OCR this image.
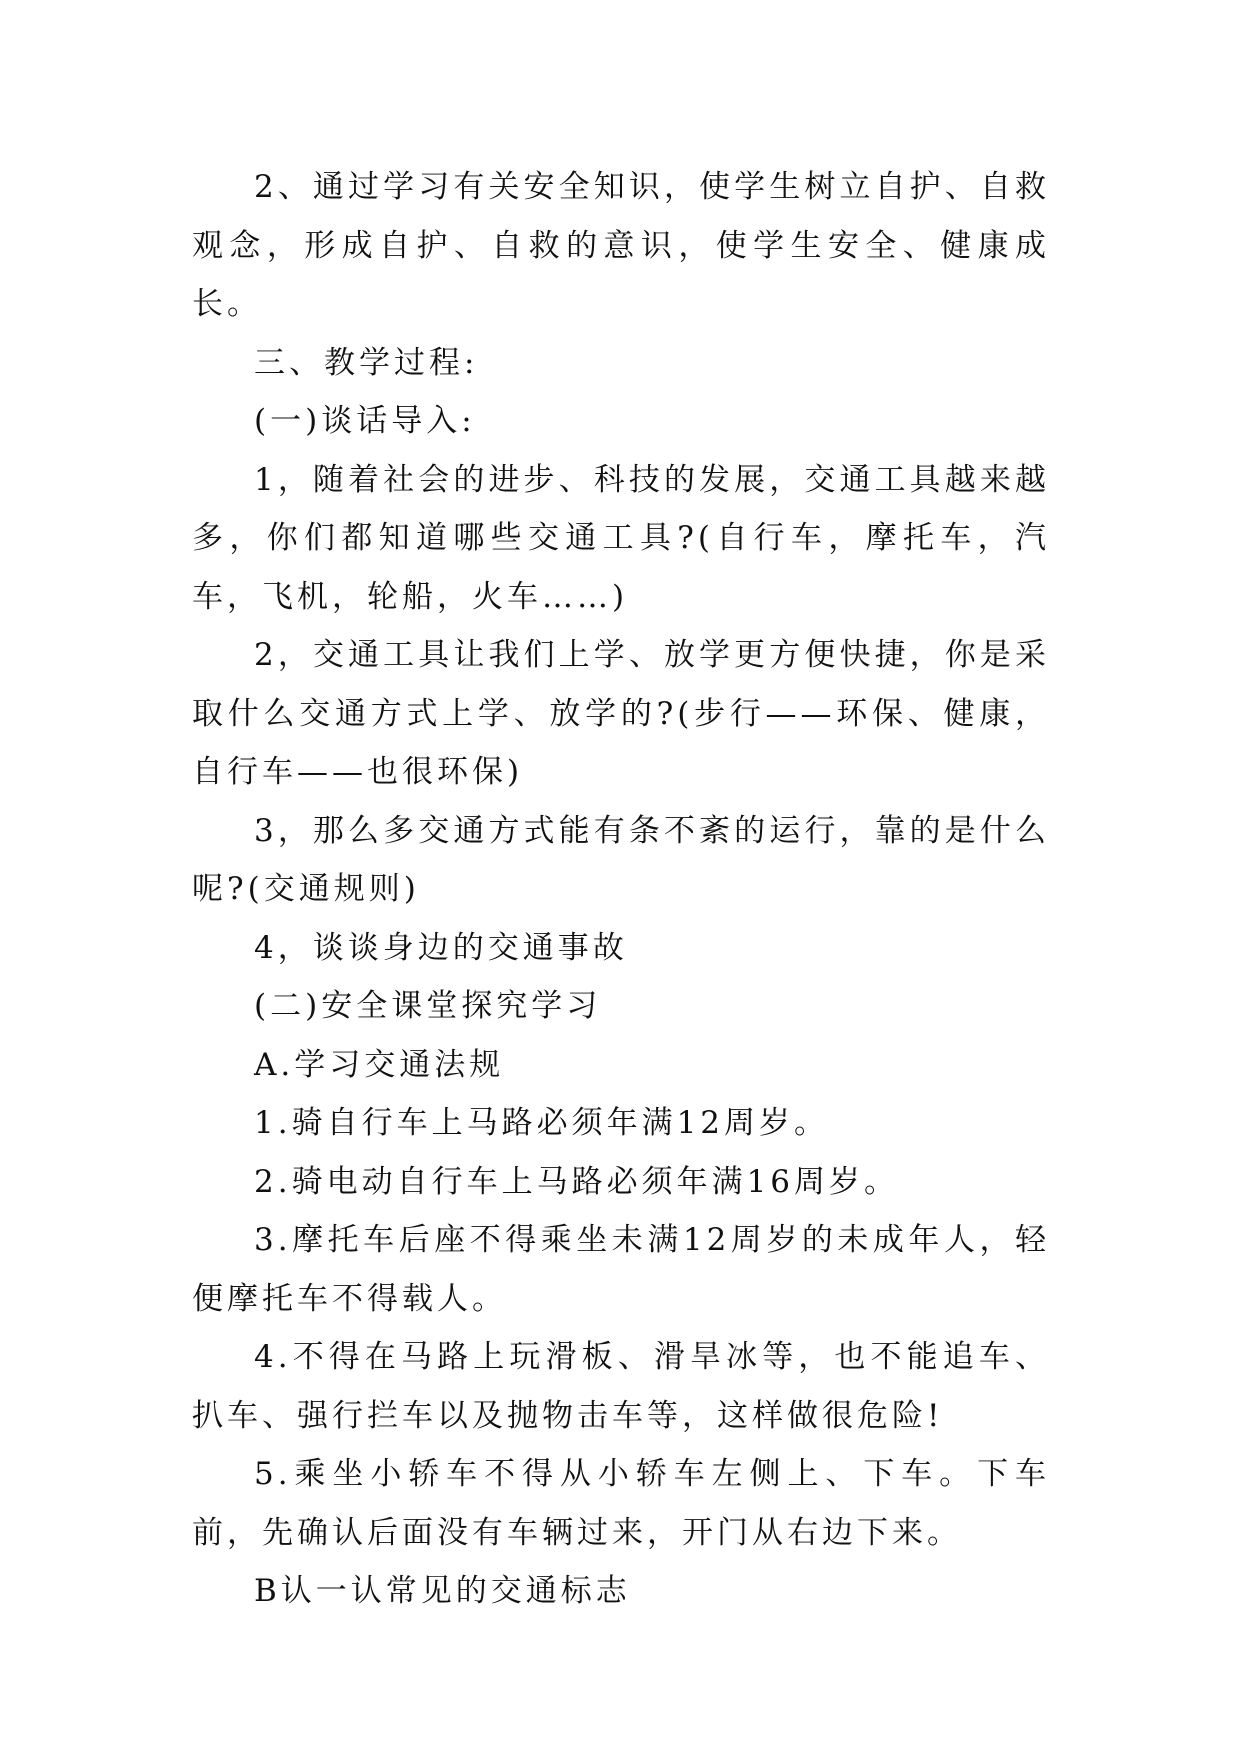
2、通过学习有关安全知识，使学生树立自护、自救观念，形成自护、自救的意识，使学生安全、健康成长。

三、教学过程:

(一)谈话导入:

1，随着社会的进步、科技的发展，交通工具越来越多，你们都知道哪些交通工具?(自行车，摩托车，汽车，飞机，轮船，火车……)

2，交通工具让我们上学、放学更方便快捷，你是采取什么交通方式上学、放学的?(步行——环保、健康，自行车——也很环保)

3，那么多交通方式能有条不紊的运行，靠的是什么呢?(交通规则)

4，谈谈身边的交通事故

(二)安全课堂探究学习

A.学习交通法规

1.骑自行车上马路必须年满12周岁。

2.骑电动自行车上马路必须年满16周岁。

3.摩托车后座不得乘坐未满12周岁的未成年人，轻便摩托车不得载人。

4.不得在马路上玩滑板、滑旱冰等，也不能追车、扒车、强行拦车以及抛物击车等，这样做很危险!

5.乘坐小轿车不得从小轿车左侧上、下车。下车前，先确认后面没有车辆过来，开门从右边下来。

B认一认常见的交通标志
